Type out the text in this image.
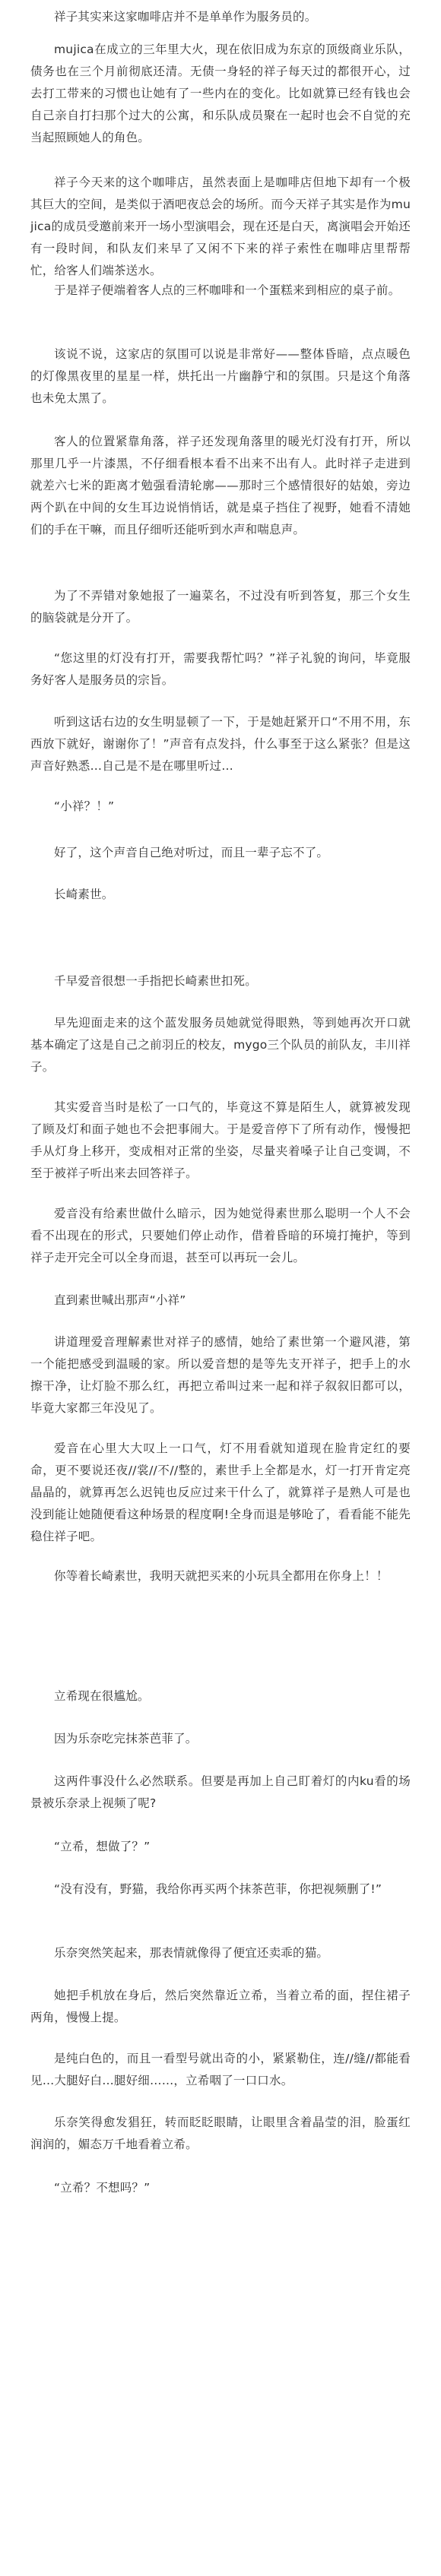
祥子其实来这家咖啡店并不是单单作为服务员的。

mujica在成立的三年里大火，现在依旧成为东京的顶级商业乐队，债务也在三个月前彻底还清。无债一身轻的祥子每天过的都很开心，过去打工带来的习惯也让她有了一些内在的变化。比如就算已经有钱也会自己亲自打扫那个过大的公寓，和乐队成员聚在一起时也会不自觉的充当起照顾她人的角色。

祥子今天来的这个咖啡店，虽然表面上是咖啡店但地下却有一个极其巨大的空间，是类似于酒吧夜总会的场所。而今天祥子其实是作为mujica的成员受邀前来开一场小型演唱会，现在还是白天，离演唱会开始还有一段时间，和队友们来早了又闲不下来的祥子索性在咖啡店里帮帮忙，给客人们端茶送水。

于是祥子便端着客人点的三杯咖啡和一个蛋糕来到相应的桌子前。

该说不说，这家店的氛围可以说是非常好——整体昏暗，点点暖色的灯像黑夜里的星星一样，烘托出一片幽静宁和的氛围。只是这个角落也未免太黑了。

客人的位置紧靠角落，祥子还发现角落里的暖光灯没有打开，所以那里几乎一片漆黑，不仔细看根本看不出来不出有人。此时祥子走进到就差六七米的距离才勉强看清轮廓——那时三个感情很好的姑娘，旁边两个趴在中间的女生耳边说悄悄话，就是桌子挡住了视野，她看不清她们的手在干嘛，而且仔细听还能听到水声和喘息声。

为了不弄错对象她报了一遍菜名，不过没有听到答复，那三个女生的脑袋就是分开了。

“您这里的灯没有打开，需要我帮忙吗？”祥子礼貌的询问，毕竟服务好客人是服务员的宗旨。

听到这话右边的女生明显顿了一下，于是她赶紧开口“不用不用，东西放下就好，谢谢你了！”声音有点发抖，什么事至于这么紧张？但是这声音好熟悉…自己是不是在哪里听过…

“小祥？！”

好了，这个声音自己绝对听过，而且一辈子忘不了。

长崎素世。

千早爱音很想一手指把长崎素世扣死。

早先迎面走来的这个蓝发服务员她就觉得眼熟，等到她再次开口就基本确定了这是自己之前羽丘的校友，mygo三个队员的前队友，丰川祥子。

其实爱音当时是松了一口气的，毕竟这不算是陌生人，就算被发现了顾及灯和面子她也不会把事闹大。于是爱音停下了所有动作，慢慢把手从灯身上移开，变成相对正常的坐姿，尽量夹着嗓子让自己变调，不至于被祥子听出来去回答祥子。

爱音没有给素世做什么暗示，因为她觉得素世那么聪明一个人不会看不出现在的形式，只要她们停止动作，借着昏暗的环境打掩护，等到祥子走开完全可以全身而退，甚至可以再玩一会儿。

直到素世喊出那声“小祥”

讲道理爱音理解素世对祥子的感情，她给了素世第一个避风港，第一个能把感受到温暖的家。所以爱音想的是等先支开祥子，把手上的水擦干净，让灯脸不那么红，再把立希叫过来一起和祥子叙叙旧都可以，毕竟大家都三年没见了。

爱音在心里大大叹上一口气，灯不用看就知道现在脸肯定红的要命，更不要说还夜//裳//不//整的，素世手上全都是水，灯一打开肯定亮晶晶的，就算再怎么迟钝也反应过来干什么了，就算祥子是熟人可是也没到能让她随便看这种场景的程度啊!全身而退是够呛了，看看能不能先稳住祥子吧。

你等着长崎素世，我明天就把买来的小玩具全都用在你身上！！

立希现在很尴尬。

因为乐奈吃完抹茶芭菲了。

这两件事没什么必然联系。但要是再加上自己盯着灯的内ku看的场景被乐奈录上视频了呢?

“立希，想做了？”

“没有没有，野猫，我给你再买两个抹茶芭菲，你把视频删了!”

乐奈突然笑起来，那表情就像得了便宜还卖乖的猫。

她把手机放在身后，然后突然靠近立希，当着立希的面，捏住裙子两角，慢慢上提。

是纯白色的，而且一看型号就出奇的小，紧紧勒住，连//缝//都能看见…大腿好白…腿好细……，立希咽了一口口水。

乐奈笑得愈发猖狂，转而眨眨眼睛，让眼里含着晶莹的泪，脸蛋红润润的，媚态万千地看着立希。

“立希？不想吗？”
